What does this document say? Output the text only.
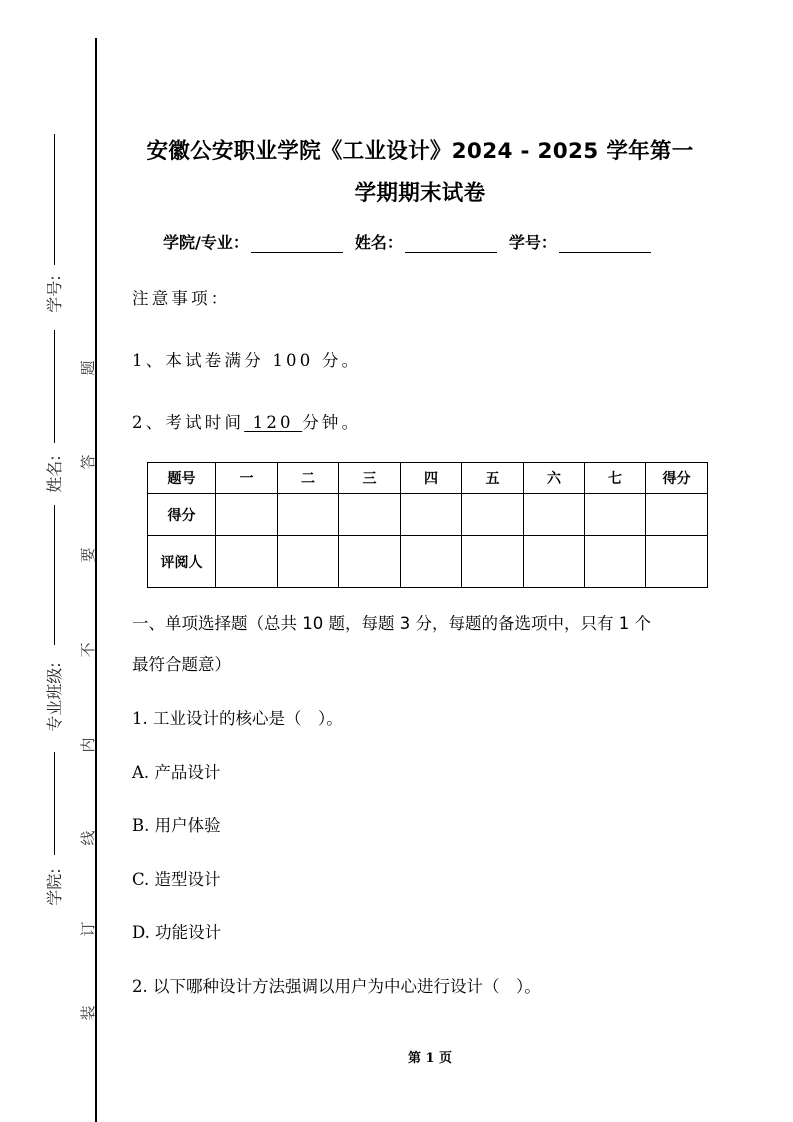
学号:
姓名:
专业班级:
学院:
题
答
要
不
内
线
订
装
安徽公安职业学院《工业设计》2024 - 2025 学年第一
学期期末试卷
学院/专业：	姓名：	学号：
注意事项：
1、本试卷满分 100 分。
2、考试时间 120 分钟。
题号	一	二	三	四	五	六	七	得分
得分								
评阅人								
一、单项选择题（总共 10 题，每题 3 分，每题的备选项中，只有 1 个
最符合题意）
1. 工业设计的核心是（　）。
A. 产品设计
B. 用户体验
C. 造型设计
D. 功能设计
2. 以下哪种设计方法强调以用户为中心进行设计（　）。
第 1 页
